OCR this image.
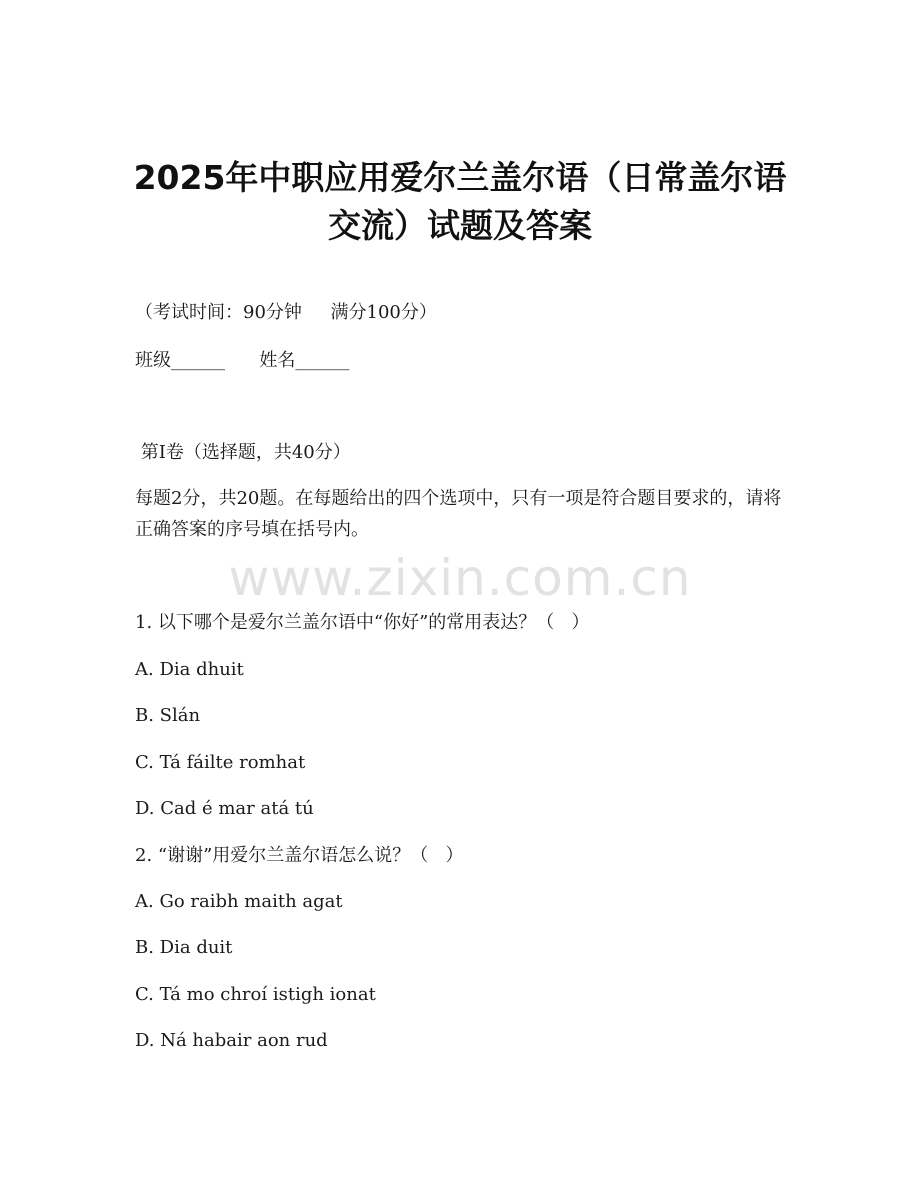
2025年中职应用爱尔兰盖尔语（日常盖尔语
交流）试题及答案

（考试时间：90分钟     满分100分）

班级______      姓名______

第Ⅰ卷（选择题，共40分）

每题2分，共20题。在每题给出的四个选项中，只有一项是符合题目要求的，请将正确答案的序号填在括号内。

www.zixin.com.cn

1. 以下哪个是爱尔兰盖尔语中“你好”的常用表达？（   ）

A. Dia dhuit

B. Slán

C. Tá fáilte romhat

D. Cad é mar atá tú

2. “谢谢”用爱尔兰盖尔语怎么说？（   ）

A. Go raibh maith agat

B. Dia duit

C. Tá mo chroí istigh ionat

D. Ná habair aon rud
